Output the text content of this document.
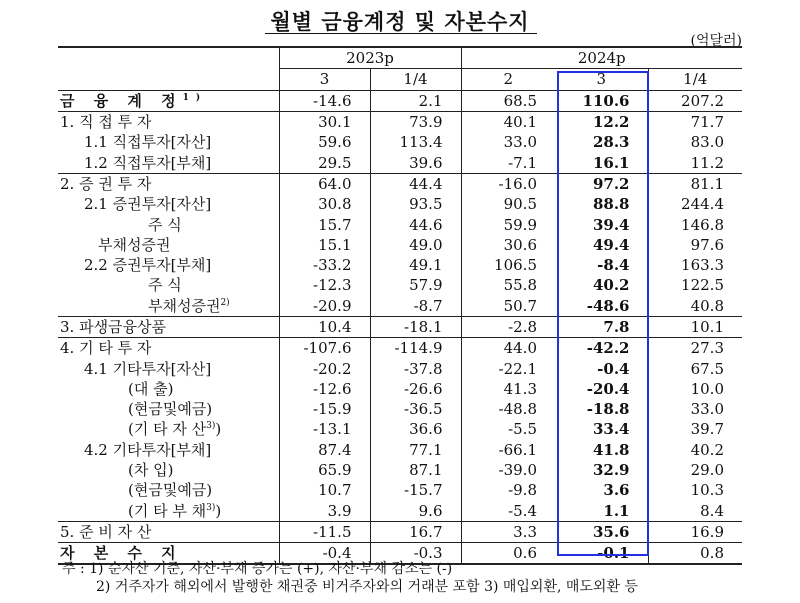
월별 금융계정 및 자본수지
(억달러)
	2023p		2024p		
	3	1/4	2	3	1/4
금 융 계 정$^{1)}$	-14.6	2.1	68.5	110.6	207.2
1. 직 접 투 자	30.1	73.9	40.1	12.2	71.7
1.1 직접투자[자산]	59.6	113.4	33.0	28.3	83.0
1.2 직접투자[부채]	29.5	39.6	-7.1	16.1	11.2
2. 증 권 투 자	64.0	44.4	-16.0	97.2	81.1
2.1 증권투자[자산]	30.8	93.5	90.5	88.8	244.4
주 식	15.7	44.6	59.9	39.4	146.8
부채성증권	15.1	49.0	30.6	49.4	97.6
2.2 증권투자[부채]	-33.2	49.1	106.5	-8.4	163.3
주 식	-12.3	57.9	55.8	40.2	122.5
부채성증권$^{2)}$	-20.9	-8.7	50.7	-48.6	40.8
3. 파생금융상품	10.4	-18.1	-2.8	7.8	10.1
4. 기 타 투 자	-107.6	-114.9	44.0	-42.2	27.3
4.1 기타투자[자산]	-20.2	-37.8	-22.1	-0.4	67.5
(대 출)	-12.6	-26.6	41.3	-20.4	10.0
(현금및예금)	-15.9	-36.5	-48.8	-18.8	33.0
(기 타 자 산$^{3)}$)	-13.1	36.6	-5.5	33.4	39.7
4.2 기타투자[부채]	87.4	77.1	-66.1	41.8	40.2
(차 입)	65.9	87.1	-39.0	32.9	29.0
(현금및예금)	10.7	-15.7	-9.8	3.6	10.3
(기 타 부 채$^{3)}$)	3.9	9.6	-5.4	1.1	8.4
5. 준 비 자 산	-11.5	16.7	3.3	35.6	16.9
자 본 수 지	-0.4	-0.3	0.6	-0.1	0.8
주 : 1) 순자산 기준, 자산·부채 증가는 (+), 자산·부채 감소는 (-)
2) 거주자가 해외에서 발행한 채권중 비거주자와의 거래분 포함 3) 매입외환, 매도외환 등
